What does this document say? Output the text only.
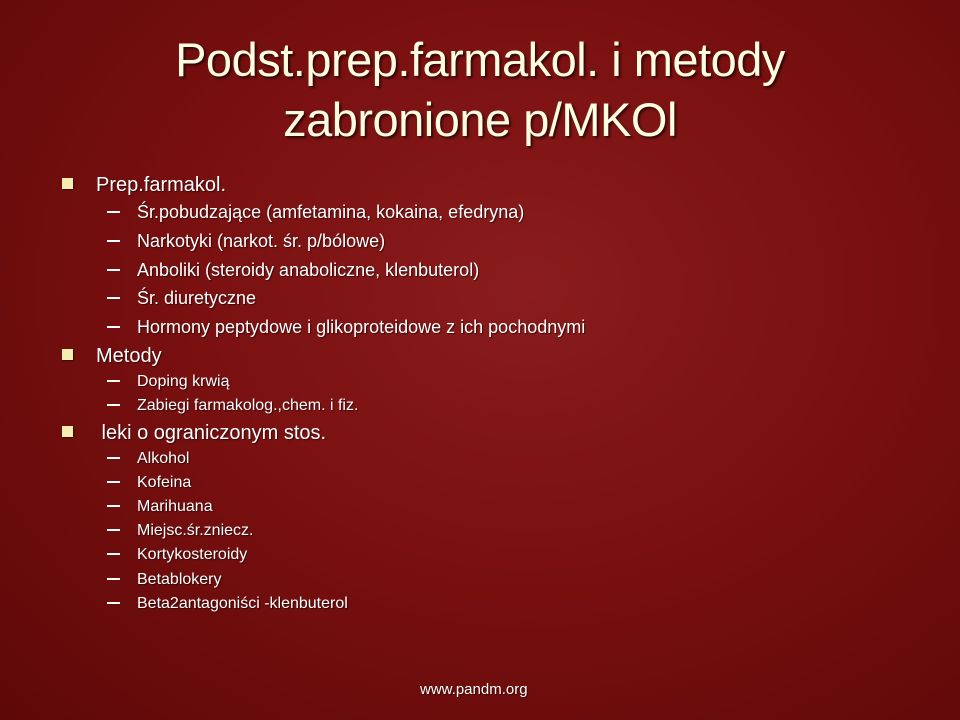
Podst.prep.farmakol. i metody
zabronione p/MKOl
Prep.farmakol.
Śr.pobudzające (amfetamina, kokaina, efedryna)
Narkotyki (narkot. śr. p/bólowe)
Anboliki (steroidy anaboliczne, klenbuterol)
Śr. diuretyczne
Hormony peptydowe i glikoproteidowe z ich pochodnymi
Metody
Doping krwią
Zabiegi farmakolog.,chem. i fiz.
leki o ograniczonym stos.
Alkohol
Kofeina
Marihuana
Miejsc.śr.zniecz.
Kortykosteroidy
Betablokery
Beta2antagoniści -klenbuterol
www.pandm.org
